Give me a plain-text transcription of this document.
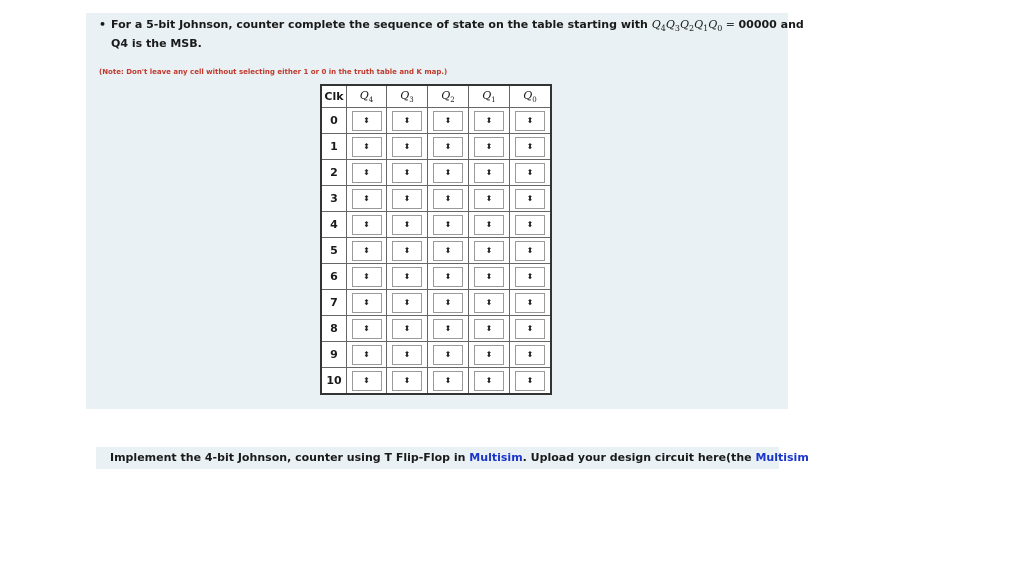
• For a 5-bit Johnson, counter complete the sequence of state on the table starting with $Q_4Q_3Q_2Q_1Q_0 = 00000$ and
Q4 is the MSB.
(Note: Don't leave any cell without selecting either 1 or 0 in the truth table and K map.)
Clk	$Q_4$	$Q_3$	$Q_2$	$Q_1$	$Q_0$
0	⬍	⬍	⬍	⬍	⬍
1	⬍	⬍	⬍	⬍	⬍
2	⬍	⬍	⬍	⬍	⬍
3	⬍	⬍	⬍	⬍	⬍
4	⬍	⬍	⬍	⬍	⬍
5	⬍	⬍	⬍	⬍	⬍
6	⬍	⬍	⬍	⬍	⬍
7	⬍	⬍	⬍	⬍	⬍
8	⬍	⬍	⬍	⬍	⬍
9	⬍	⬍	⬍	⬍	⬍
10	⬍	⬍	⬍	⬍	⬍
Implement the 4-bit Johnson, counter using T Flip-Flop in Multisim. Upload your design circuit here(the Multisim
